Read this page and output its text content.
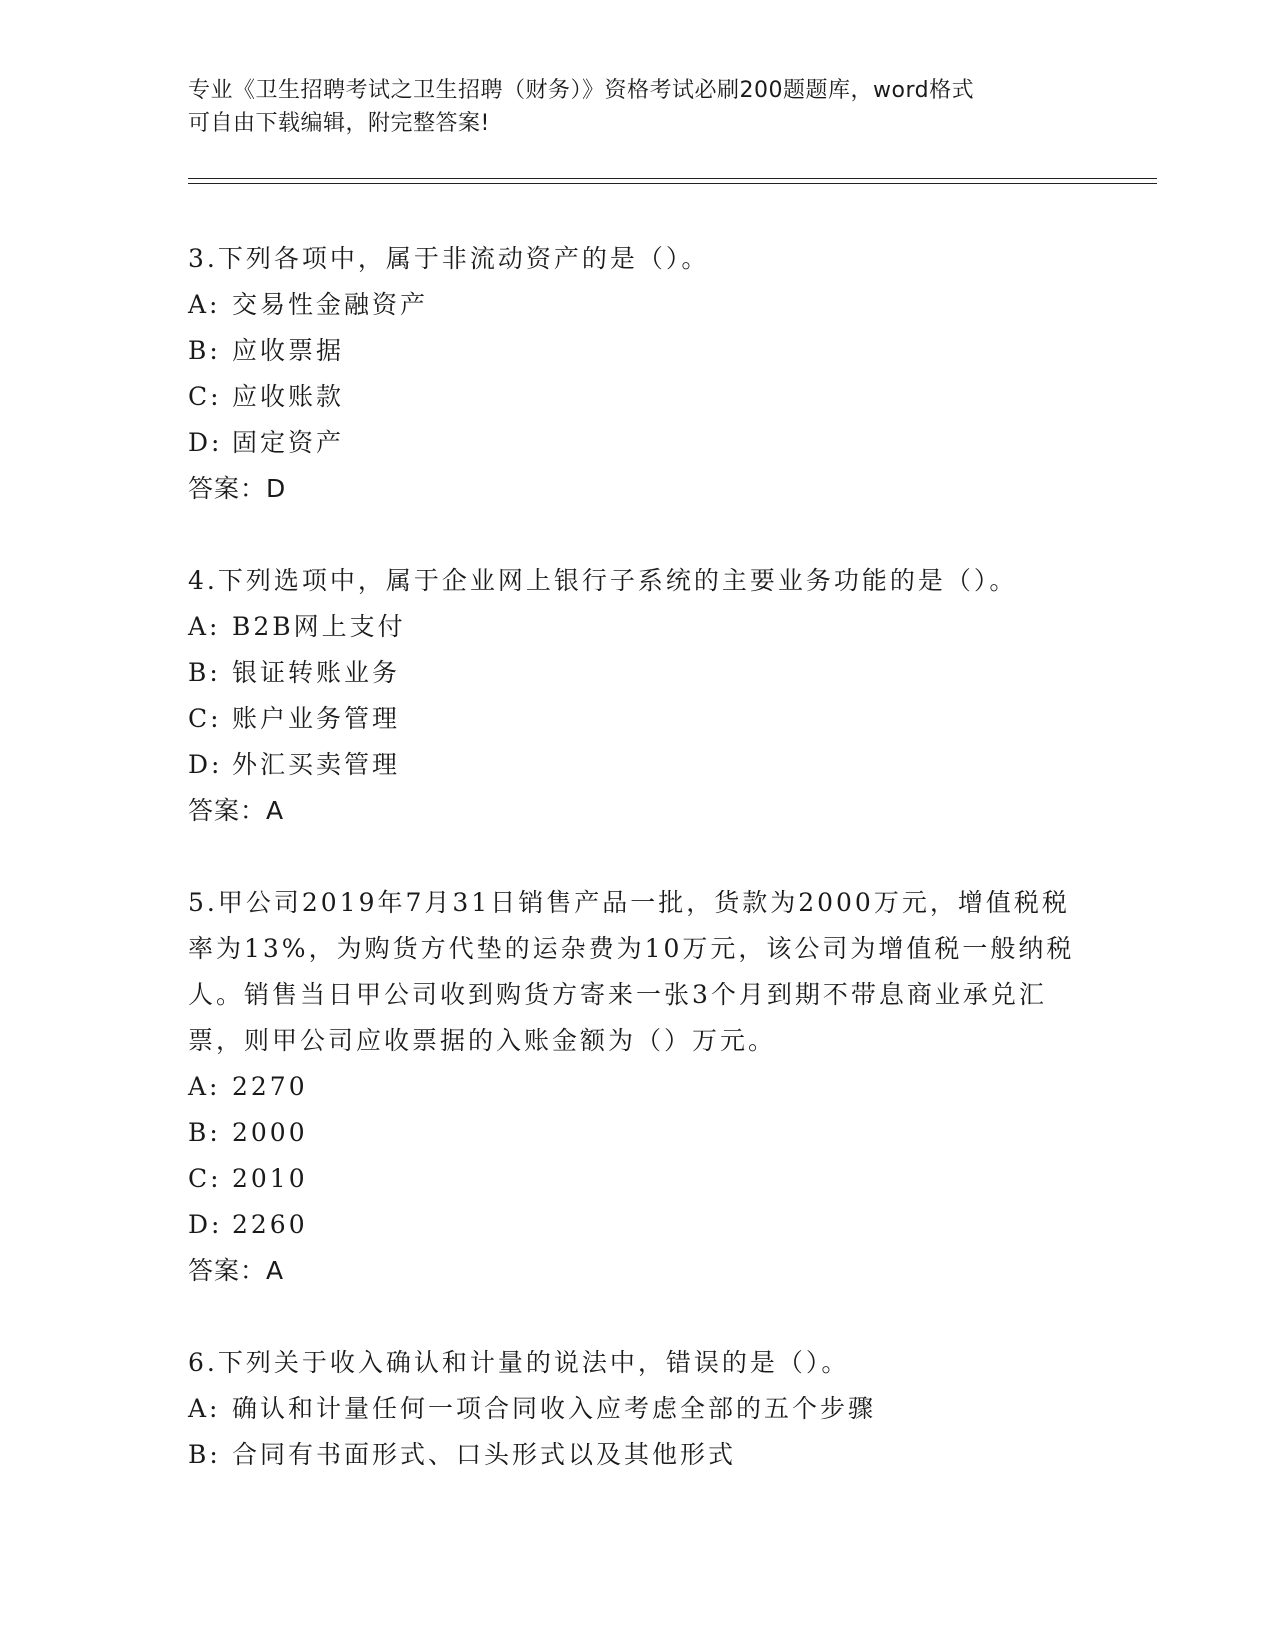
专业《卫生招聘考试之卫生招聘（财务）》资格考试必刷200题题库，word格式
可自由下载编辑，附完整答案!
3.下列各项中，属于非流动资产的是（）。
A: 交易性金融资产
B: 应收票据
C: 应收账款
D: 固定资产
答案：D
4.下列选项中，属于企业网上银行子系统的主要业务功能的是（）。
A: B2B网上支付
B: 银证转账业务
C: 账户业务管理
D: 外汇买卖管理
答案：A
5.甲公司2019年7月31日销售产品一批，货款为2000万元，增值税税率为13%，为购货方代垫的运杂费为10万元，该公司为增值税一般纳税人。销售当日甲公司收到购货方寄来一张3个月到期不带息商业承兑汇票，则甲公司应收票据的入账金额为（）万元。
A: 2270
B: 2000
C: 2010
D: 2260
答案：A
6.下列关于收入确认和计量的说法中，错误的是（）。
A: 确认和计量任何一项合同收入应考虑全部的五个步骤
B: 合同有书面形式、口头形式以及其他形式
